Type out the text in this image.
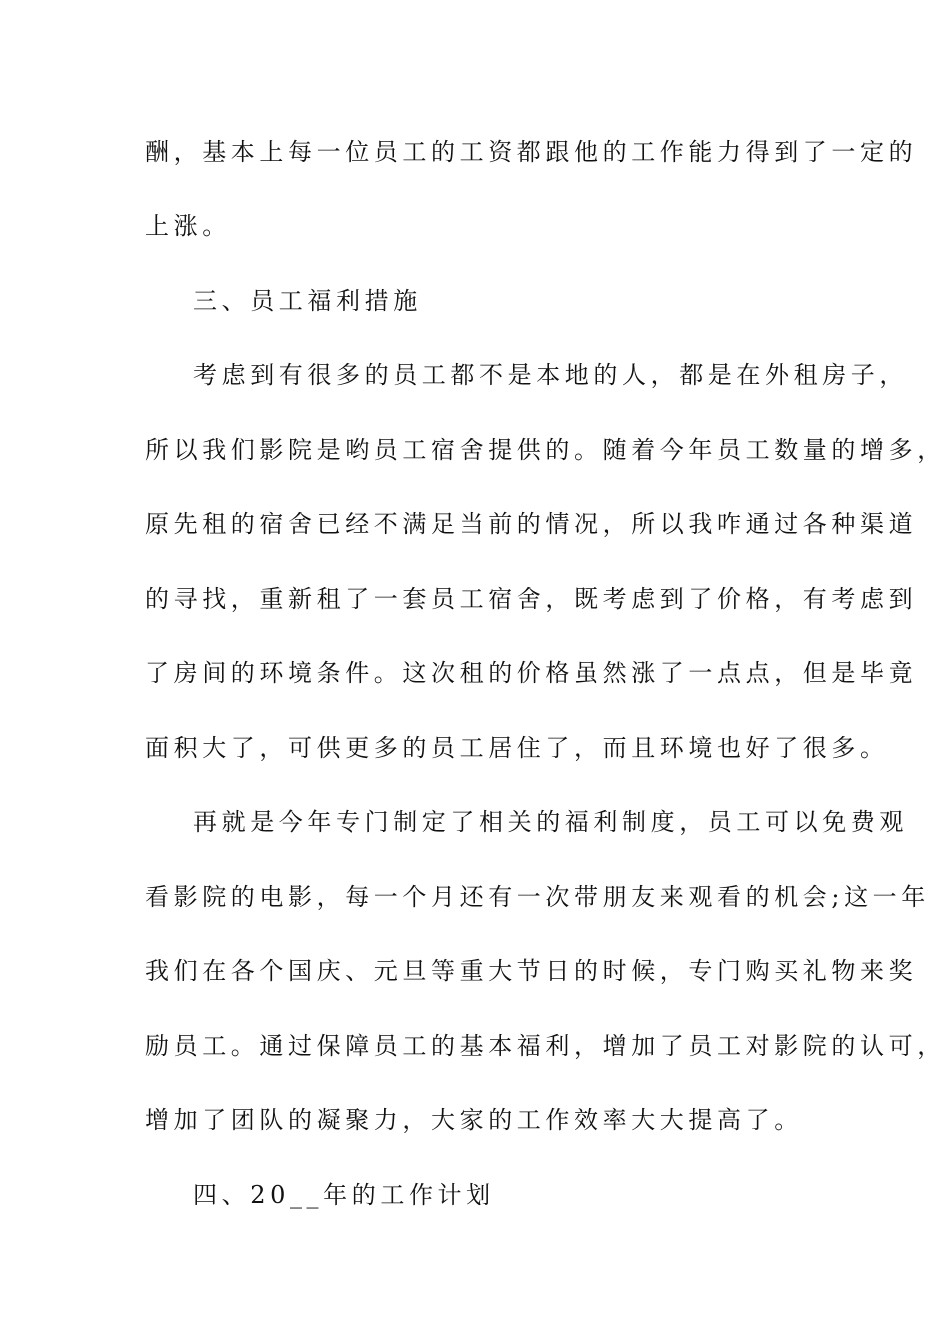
酬，基本上每一位员工的工资都跟他的工作能力得到了一定的
上涨。
三、员工福利措施
考虑到有很多的员工都不是本地的人，都是在外租房子，
所以我们影院是哟员工宿舍提供的。随着今年员工数量的增多，
原先租的宿舍已经不满足当前的情况，所以我咋通过各种渠道
的寻找，重新租了一套员工宿舍，既考虑到了价格，有考虑到
了房间的环境条件。这次租的价格虽然涨了一点点，但是毕竟
面积大了，可供更多的员工居住了，而且环境也好了很多。
再就是今年专门制定了相关的福利制度，员工可以免费观
看影院的电影，每一个月还有一次带朋友来观看的机会;这一年
我们在各个国庆、元旦等重大节日的时候，专门购买礼物来奖
励员工。通过保障员工的基本福利，增加了员工对影院的认可，
增加了团队的凝聚力，大家的工作效率大大提高了。
四、20__年的工作计划
